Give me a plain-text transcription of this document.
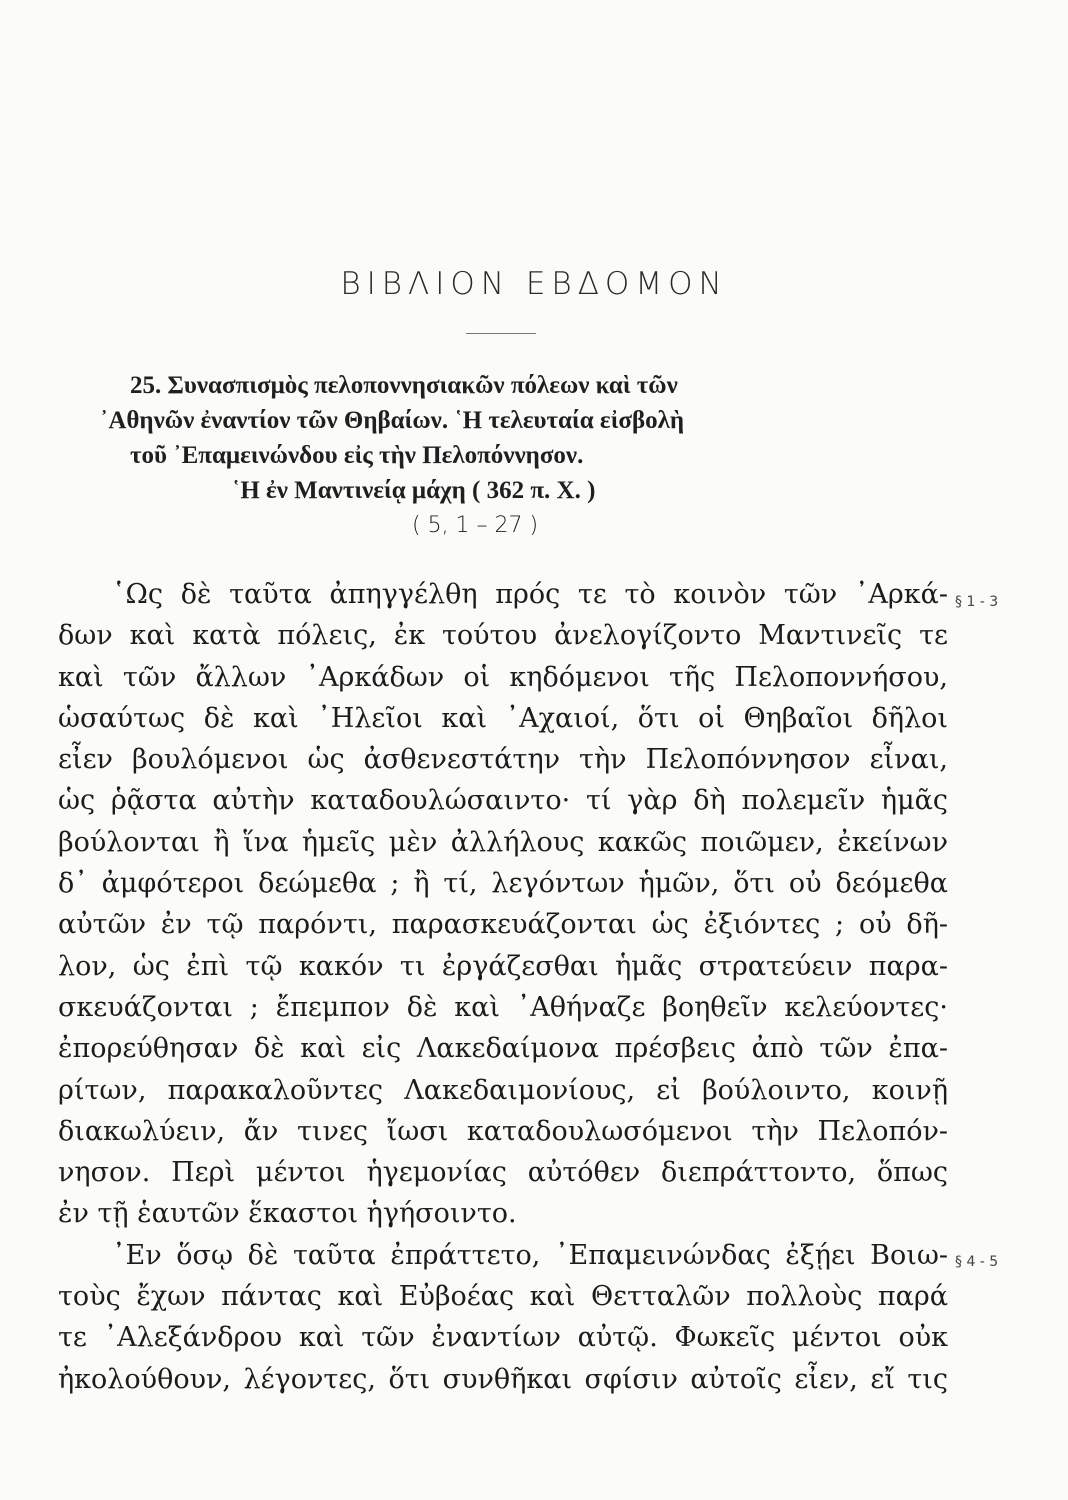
ΒΙΒΛΙΟΝ ΕΒΔΟΜΟΝ
25. Συνασπισμὸς πελοποννησιακῶν πόλεων καὶ τῶν
᾿Αθηνῶν ἐναντίον τῶν Θηβαίων. ῾Η τελευταία εἰσβολὴ
τοῦ ᾿Επαμεινώνδου εἰς τὴν Πελοπόννησον.
῾Η ἐν Μαντινείᾳ μάχη ( 362 π. Χ. )
( 5, 1 – 27 )
῾Ως δὲ ταῦτα ἀπηγγέλθη πρός τε τὸ κοινὸν τῶν ᾿Αρκά-
δων καὶ κατὰ πόλεις, ἐκ τούτου ἀνελογίζοντο Μαντινεῖς τε
καὶ τῶν ἄλλων ᾿Αρκάδων οἱ κηδόμενοι τῆς Πελοποννήσου,
ὡσαύτως δὲ καὶ ᾿Ηλεῖοι καὶ ᾿Αχαιοί, ὅτι οἱ Θηβαῖοι δῆλοι
εἶεν βουλόμενοι ὡς ἀσθενεστάτην τὴν Πελοπόννησον εἶναι,
ὡς ῥᾷστα αὐτὴν καταδουλώσαιντο· τί γὰρ δὴ πολεμεῖν ἡμᾶς
βούλονται ἢ ἵνα ἡμεῖς μὲν ἀλλήλους κακῶς ποιῶμεν, ἐκείνων
δ᾿ ἀμφότεροι δεώμεθα ; ἢ τί, λεγόντων ἡμῶν, ὅτι οὐ δεόμεθα
αὐτῶν ἐν τῷ παρόντι, παρασκευάζονται ὡς ἐξιόντες ; οὐ δῆ-
λον, ὡς ἐπὶ τῷ κακόν τι ἐργάζεσθαι ἡμᾶς στρατεύειν παρα-
σκευάζονται ; ἔπεμπον δὲ καὶ ᾿Αθήναζε βοηθεῖν κελεύοντες·
ἐπορεύθησαν δὲ καὶ εἰς Λακεδαίμονα πρέσβεις ἀπὸ τῶν ἐπα-
ρίτων, παρακαλοῦντες Λακεδαιμονίους, εἰ βούλοιντο, κοινῇ
διακωλύειν, ἄν τινες ἴωσι καταδουλωσόμενοι τὴν Πελοπόν-
νησον. Περὶ μέντοι ἡγεμονίας αὐτόθεν διεπράττοντο, ὅπως
ἐν τῇ ἑαυτῶν ἕκαστοι ἡγήσοιντο.
᾿Εν ὅσῳ δὲ ταῦτα ἐπράττετο, ᾿Επαμεινώνδας ἐξῄει Βοιω-
τοὺς ἔχων πάντας καὶ Εὐβοέας καὶ Θετταλῶν πολλοὺς παρά
τε ᾿Αλεξάνδρου καὶ τῶν ἐναντίων αὐτῷ. Φωκεῖς μέντοι οὐκ
ἠκολούθουν, λέγοντες, ὅτι συνθῆκαι σφίσιν αὐτοῖς εἶεν, εἴ τις
§ 1 - 3
§ 4 - 5
